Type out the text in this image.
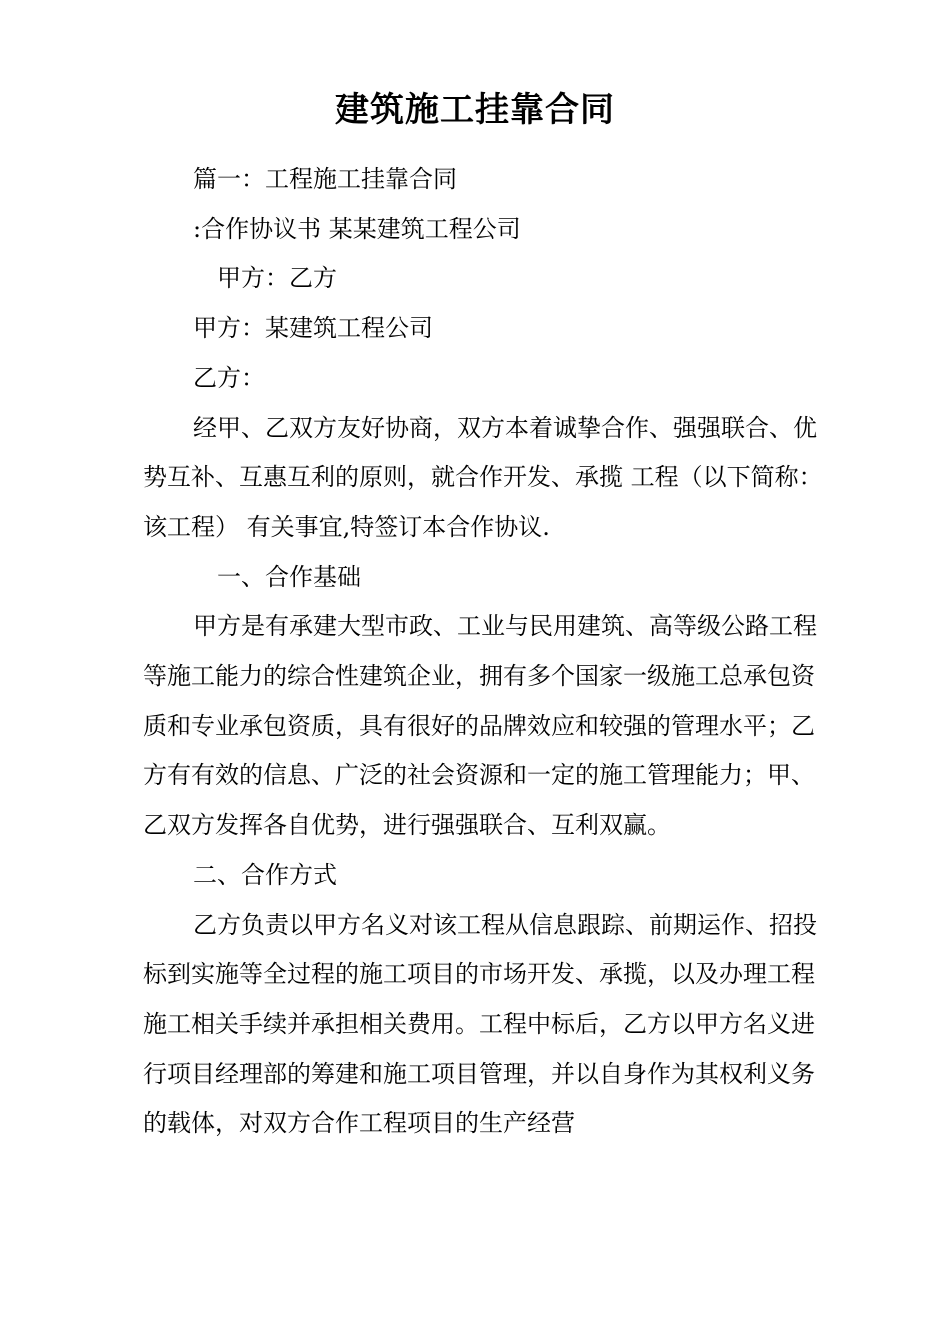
建筑施工挂靠合同

篇一：工程施工挂靠合同

:合作协议书 某某建筑工程公司

甲方：乙方

甲方：某建筑工程公司

乙方：

经甲、乙双方友好协商，双方本着诚挚合作、强强联合、优势互补、互惠互利的原则，就合作开发、承揽 工程（以下简称：该工程） 有关事宜,特签订本合作协议.

一、合作基础

甲方是有承建大型市政、工业与民用建筑、高等级公路工程等施工能力的综合性建筑企业，拥有多个国家一级施工总承包资质和专业承包资质，具有很好的品牌效应和较强的管理水平；乙方有有效的信息、广泛的社会资源和一定的施工管理能力；甲、乙双方发挥各自优势，进行强强联合、互利双赢。

二、合作方式

乙方负责以甲方名义对该工程从信息跟踪、前期运作、招投标到实施等全过程的施工项目的市场开发、承揽，以及办理工程施工相关手续并承担相关费用。工程中标后，乙方以甲方名义进行项目经理部的筹建和施工项目管理，并以自身作为其权利义务的载体，对双方合作工程项目的生产经营
